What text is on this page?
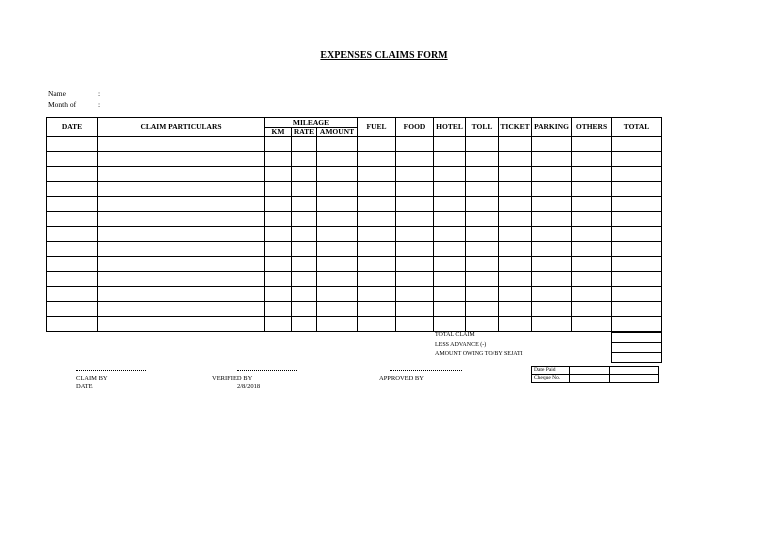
EXPENSES CLAIMS FORM
Name	:
Month of	:
DATE	CLAIM PARTICULARS	MILEAGE			FUEL	FOOD	HOTEL	TOLL	TICKET	PARKING	OTHERS	TOTAL
		KM	RATE	AMOUNT								

TOTAL CLAIM
LESS ADVANCE (-)
AMOUNT OWING TO/BY SEJATI
CLAIM BY
DATE
VERIFIED BY
2/8/2018
APPROVED BY
Date Paid		
Cheque No.		
